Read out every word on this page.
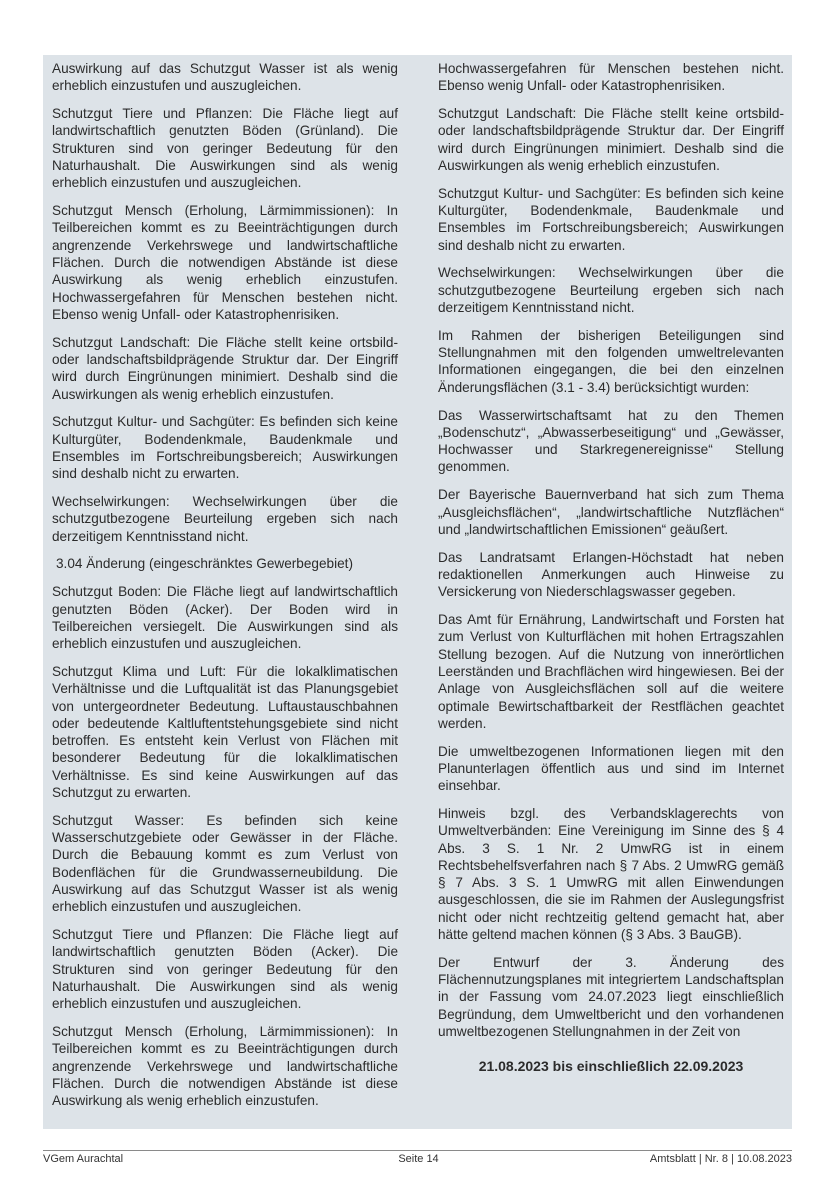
Auswirkung auf das Schutzgut Wasser ist als wenig erheblich einzustufen und auszugleichen.

Schutzgut Tiere und Pflanzen: Die Fläche liegt auf landwirtschaftlich genutzten Böden (Grünland). Die Strukturen sind von geringer Bedeutung für den Naturhaushalt. Die Auswirkungen sind als wenig erheblich einzustufen und auszugleichen.

Schutzgut Mensch (Erholung, Lärmimmissionen): In Teilbereichen kommt es zu Beeinträchtigungen durch angrenzende Verkehrswege und landwirtschaftliche Flächen. Durch die notwendigen Abstände ist diese Auswirkung als wenig erheblich einzustufen. Hochwassergefahren für Menschen bestehen nicht. Ebenso wenig Unfall- oder Katastrophenrisiken.

Schutzgut Landschaft: Die Fläche stellt keine ortsbild- oder landschaftsbildprägende Struktur dar. Der Eingriff wird durch Eingrünungen minimiert. Deshalb sind die Auswirkungen als wenig erheblich einzustufen.

Schutzgut Kultur- und Sachgüter: Es befinden sich keine Kulturgüter, Bodendenkmale, Baudenkmale und Ensembles im Fortschreibungsbereich; Auswirkungen sind deshalb nicht zu erwarten.

Wechselwirkungen: Wechselwirkungen über die schutzgutbezogene Beurteilung ergeben sich nach derzeitigem Kenntnisstand nicht.

3.04 Änderung (eingeschränktes Gewerbegebiet)

Schutzgut Boden: Die Fläche liegt auf landwirtschaftlich genutzten Böden (Acker). Der Boden wird in Teilbereichen versiegelt. Die Auswirkungen sind als erheblich einzustufen und auszugleichen.

Schutzgut Klima und Luft: Für die lokalklimatischen Verhältnisse und die Luftqualität ist das Planungsgebiet von untergeordneter Bedeutung. Luftaustauschbahnen oder bedeutende Kaltluftentstehungsgebiete sind nicht betroffen. Es entsteht kein Verlust von Flächen mit besonderer Bedeutung für die lokalklimatischen Verhältnisse. Es sind keine Auswirkungen auf das Schutzgut zu erwarten.

Schutzgut Wasser: Es befinden sich keine Wasserschutzgebiete oder Gewässer in der Fläche. Durch die Bebauung kommt es zum Verlust von Bodenflächen für die Grundwasserneubildung. Die Auswirkung auf das Schutzgut Wasser ist als wenig erheblich einzustufen und auszugleichen.

Schutzgut Tiere und Pflanzen: Die Fläche liegt auf landwirtschaftlich genutzten Böden (Acker). Die Strukturen sind von geringer Bedeutung für den Naturhaushalt. Die Auswirkungen sind als wenig erheblich einzustufen und auszugleichen.

Schutzgut Mensch (Erholung, Lärmimmissionen): In Teilbereichen kommt es zu Beeinträchtigungen durch angrenzende Verkehrswege und landwirtschaftliche Flächen. Durch die notwendigen Abstände ist diese Auswirkung als wenig erheblich einzustufen.

Hochwassergefahren für Menschen bestehen nicht. Ebenso wenig Unfall- oder Katastrophenrisiken.

Schutzgut Landschaft: Die Fläche stellt keine ortsbild- oder landschaftsbildprägende Struktur dar. Der Eingriff wird durch Eingrünungen minimiert. Deshalb sind die Auswirkungen als wenig erheblich einzustufen.

Schutzgut Kultur- und Sachgüter: Es befinden sich keine Kulturgüter, Bodendenkmale, Baudenkmale und Ensembles im Fortschreibungsbereich; Auswirkungen sind deshalb nicht zu erwarten.

Wechselwirkungen: Wechselwirkungen über die schutzgutbezogene Beurteilung ergeben sich nach derzeitigem Kenntnisstand nicht.

Im Rahmen der bisherigen Beteiligungen sind Stellungnahmen mit den folgenden umweltrelevanten Informationen eingegangen, die bei den einzelnen Änderungsflächen (3.1 - 3.4) berücksichtigt wurden:

Das Wasserwirtschaftsamt hat zu den Themen „Bodenschutz“, „Abwasserbeseitigung“ und „Gewässer, Hochwasser und Starkregenereignisse“ Stellung genommen.

Der Bayerische Bauernverband hat sich zum Thema „Ausgleichsflächen“, „landwirtschaftliche Nutzflächen“ und „landwirtschaftlichen Emissionen“ geäußert.

Das Landratsamt Erlangen-Höchstadt hat neben redaktionellen Anmerkungen auch Hinweise zu Versickerung von Niederschlagswasser gegeben.

Das Amt für Ernährung, Landwirtschaft und Forsten hat zum Verlust von Kulturflächen mit hohen Ertragszahlen Stellung bezogen. Auf die Nutzung von innerörtlichen Leerständen und Brachflächen wird hingewiesen. Bei der Anlage von Ausgleichsflächen soll auf die weitere optimale Bewirtschaftbarkeit der Restflächen geachtet werden.

Die umweltbezogenen Informationen liegen mit den Planunterlagen öffentlich aus und sind im Internet einsehbar.

Hinweis bzgl. des Verbandsklagerechts von Umweltverbänden: Eine Vereinigung im Sinne des § 4 Abs. 3 S. 1 Nr. 2 UmwRG ist in einem Rechtsbehelfsverfahren nach § 7 Abs. 2 UmwRG gemäß § 7 Abs. 3 S. 1 UmwRG mit allen Einwendungen ausgeschlossen, die sie im Rahmen der Auslegungsfrist nicht oder nicht rechtzeitig geltend gemacht hat, aber hätte geltend machen können (§ 3 Abs. 3 BauGB).

Der Entwurf der 3. Änderung des Flächennutzungsplanes mit integriertem Landschaftsplan in der Fassung vom 24.07.2023 liegt einschließlich Begründung, dem Umweltbericht und den vorhandenen umweltbezogenen Stellungnahmen in der Zeit von

21.08.2023 bis einschließlich 22.09.2023

VGem Aurachtal	Seite 14	Amtsblatt | Nr. 8 | 10.08.2023
